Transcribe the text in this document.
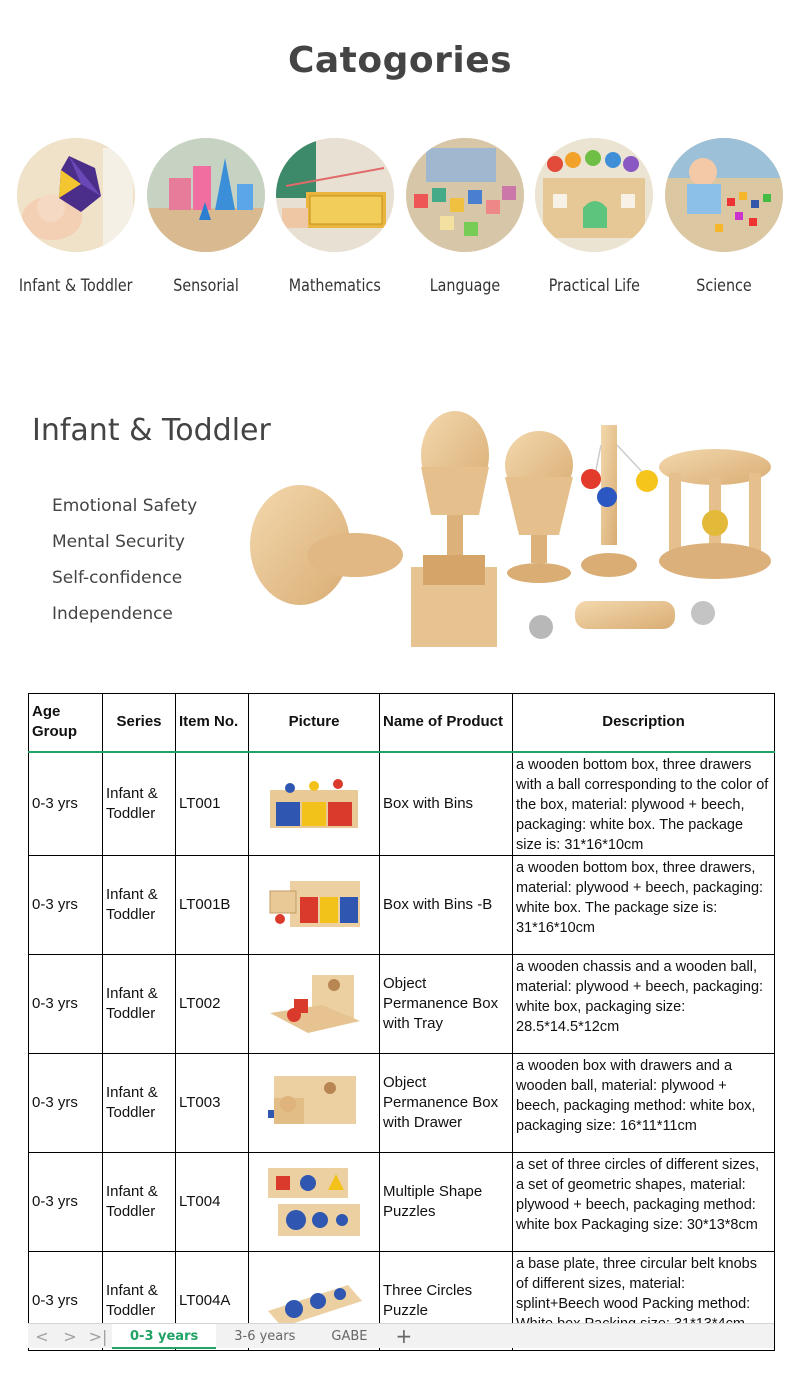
Catogories
Infant & Toddler Sensorial	Mathematics	Language	Practical Life	Science
Infant & Toddler
Emotional Safety
Mental Security
Self-confidence
Independence
Age Group	Series	Item No.	Picture	Name of Product	Description
0-3 yrs	Infant & Toddler	LT001		Box with Bins	a wooden bottom box, three drawers with a ball corresponding to the color of the box, material: plywood + beech, packaging: white box. The package size is: 31*16*10cm
0-3 yrs	Infant & Toddler	LT001B		Box with Bins -B	a wooden bottom box, three drawers, material: plywood + beech, packaging: white box. The package size is: 31*16*10cm
0-3 yrs	Infant & Toddler	LT002		Object Permanence Box with Tray	a wooden chassis and a wooden ball, material: plywood + beech, packaging: white box, packaging size: 28.5*14.5*12cm
0-3 yrs	Infant & Toddler	LT003		Object Permanence Box with Drawer	a wooden box with drawers and a wooden ball, material: plywood + beech, packaging method: white box, packaging size: 16*11*11cm
0-3 yrs	Infant & Toddler	LT004		Multiple Shape Puzzles	a set of three circles of different sizes, a set of geometric shapes, material: plywood + beech, packaging method: white box Packaging size: 30*13*8cm
0-3 yrs	Infant & Toddler	LT004A		Three Circles Puzzle	a base plate, three circular belt knobs of different sizes, material: splint+Beech wood Packing method:
< > >|	0-3 years	3-6 years	GABE	+
